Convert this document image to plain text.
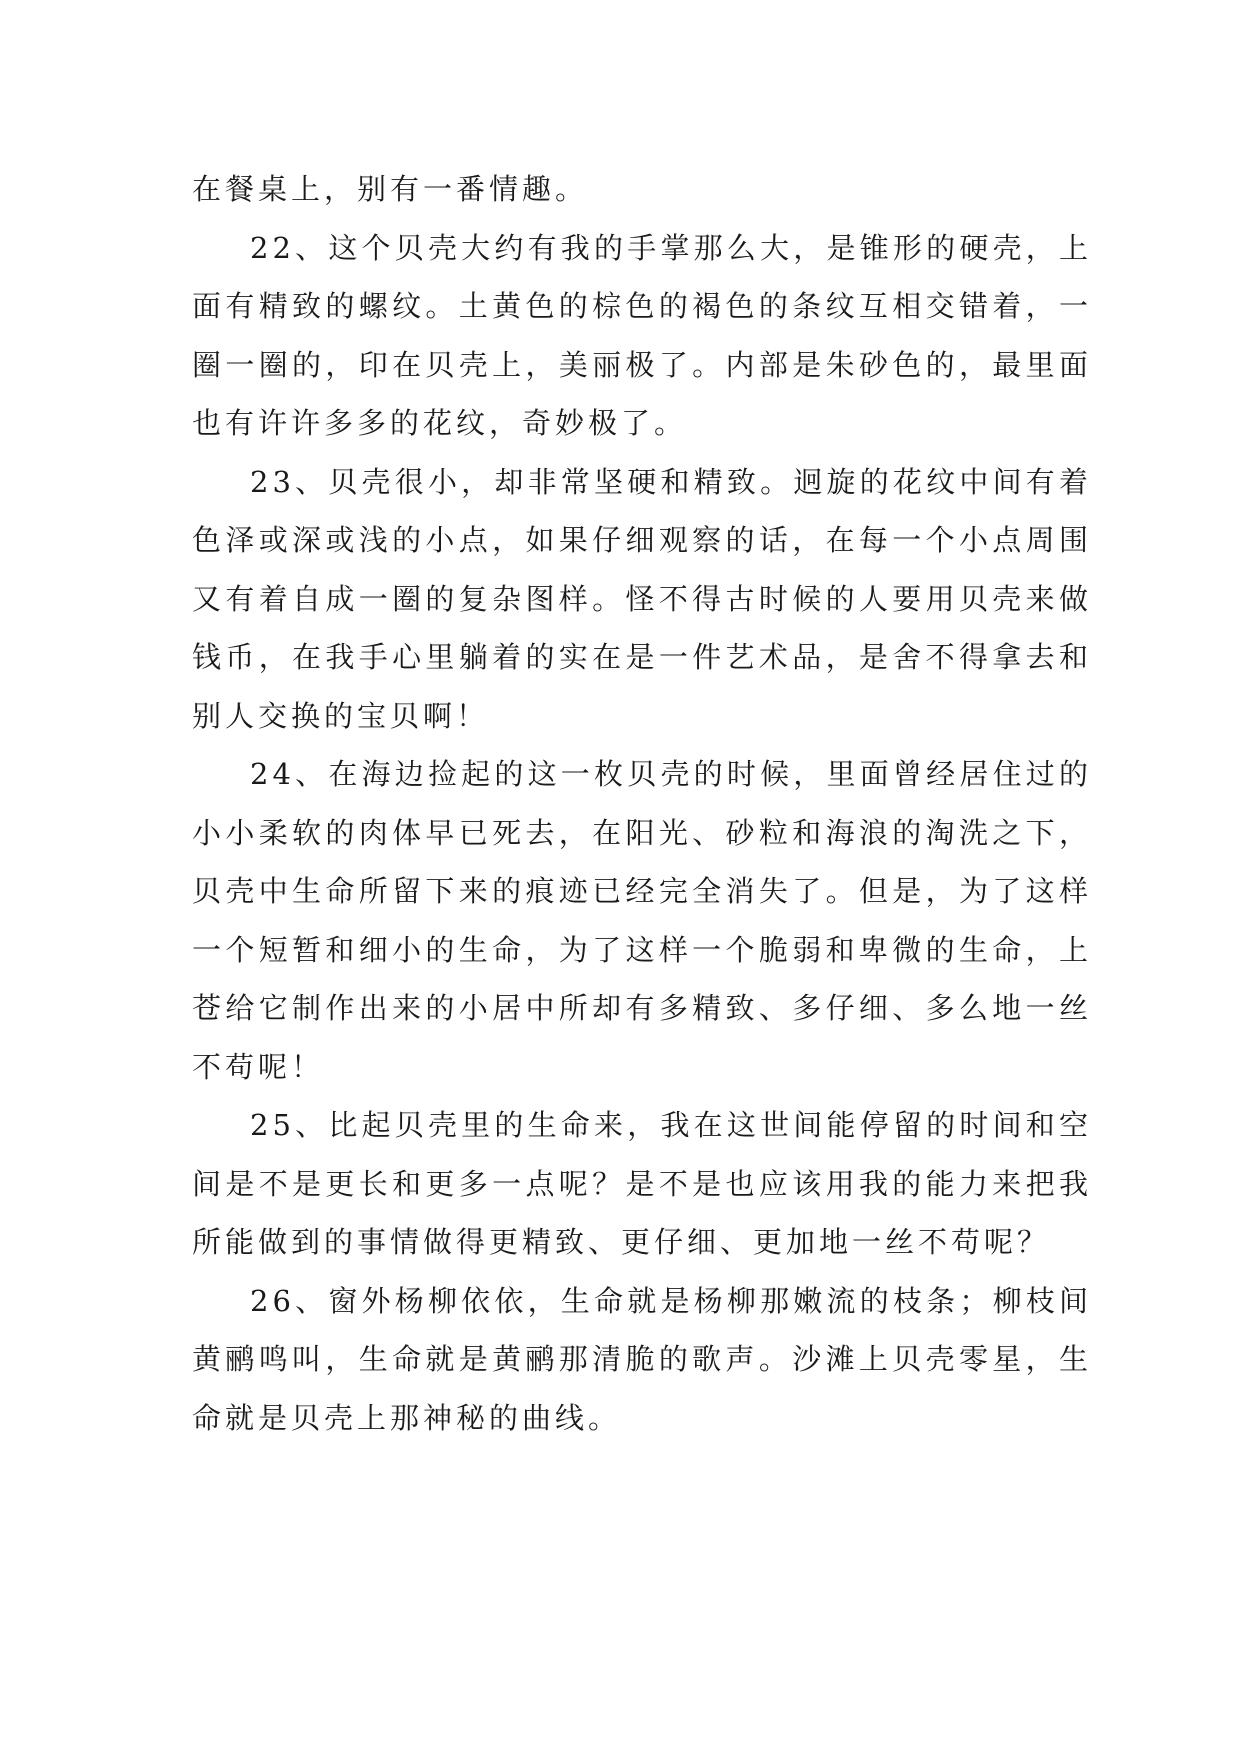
在餐桌上，别有一番情趣。

22、这个贝壳大约有我的手掌那么大，是锥形的硬壳，上面有精致的螺纹。土黄色的棕色的褐色的条纹互相交错着，一圈一圈的，印在贝壳上，美丽极了。内部是朱砂色的，最里面也有许许多多的花纹，奇妙极了。

23、贝壳很小，却非常坚硬和精致。迥旋的花纹中间有着色泽或深或浅的小点，如果仔细观察的话，在每一个小点周围又有着自成一圈的复杂图样。怪不得古时候的人要用贝壳来做钱币，在我手心里躺着的实在是一件艺术品，是舍不得拿去和别人交换的宝贝啊！

24、在海边捡起的这一枚贝壳的时候，里面曾经居住过的小小柔软的肉体早已死去，在阳光、砂粒和海浪的淘洗之下，贝壳中生命所留下来的痕迹已经完全消失了。但是，为了这样一个短暂和细小的生命，为了这样一个脆弱和卑微的生命，上苍给它制作出来的小居中所却有多精致、多仔细、多么地一丝不苟呢！

25、比起贝壳里的生命来，我在这世间能停留的时间和空间是不是更长和更多一点呢？是不是也应该用我的能力来把我所能做到的事情做得更精致、更仔细、更加地一丝不苟呢？

26、窗外杨柳依依，生命就是杨柳那嫩流的枝条；柳枝间黄鹂鸣叫，生命就是黄鹂那清脆的歌声。沙滩上贝壳零星，生命就是贝壳上那神秘的曲线。
